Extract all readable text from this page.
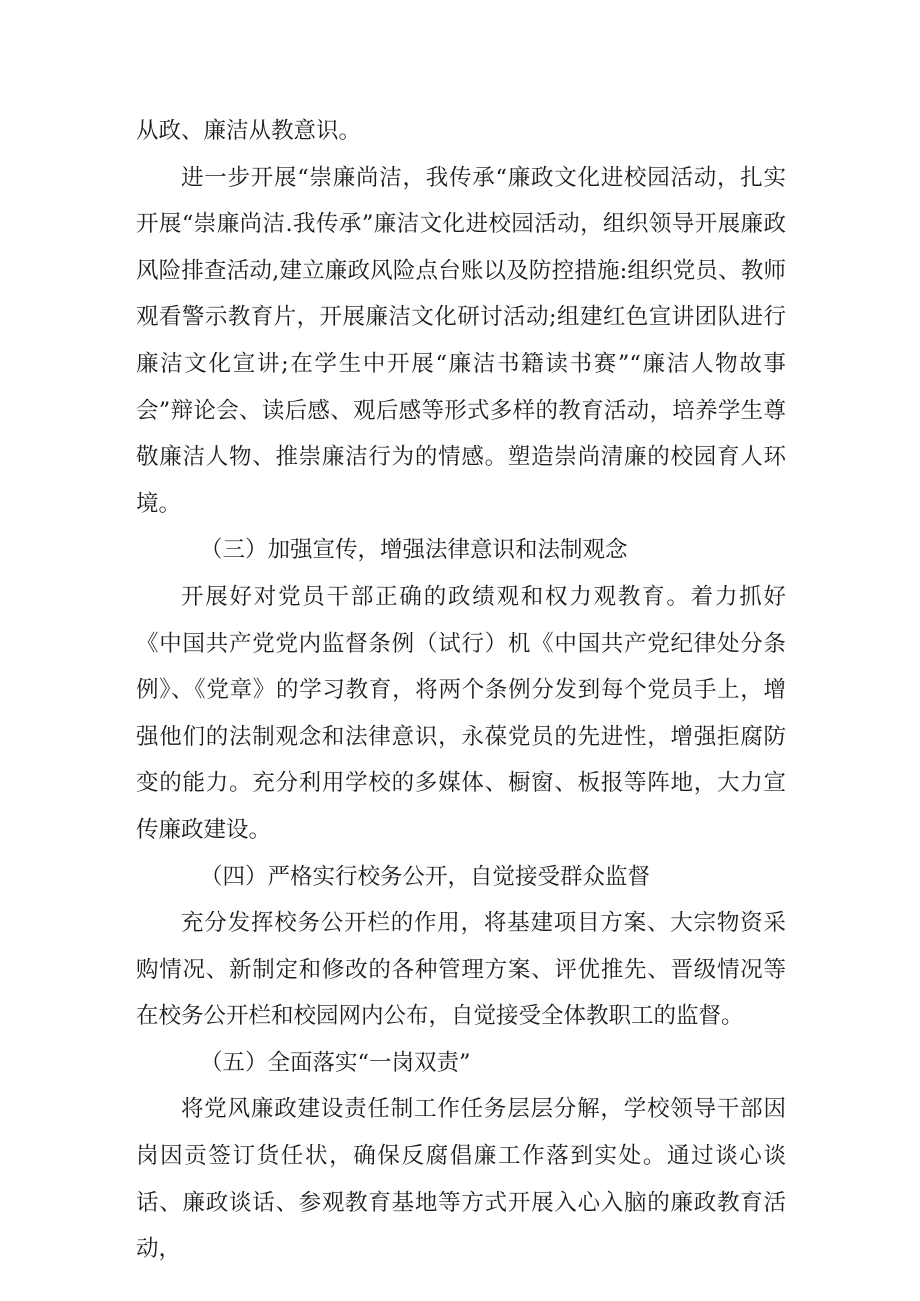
从政、廉洁从教意识。

进一步开展“崇廉尚洁，我传承“廉政文化进校园活动，扎实开展“崇廉尚洁.我传承”廉洁文化进校园活动，组织领导开展廉政风险排查活动,建立廉政风险点台账以及防控措施:组织党员、教师观看警示教育片，开展廉洁文化研讨活动;组建红色宣讲团队进行廉洁文化宣讲;在学生中开展“廉洁书籍读书赛”“廉洁人物故事会”辩论会、读后感、观后感等形式多样的教育活动，培养学生尊敬廉洁人物、推崇廉洁行为的情感。塑造崇尚清廉的校园育人环境。

（三）加强宣传，增强法律意识和法制观念

开展好对党员干部正确的政绩观和权力观教育。着力抓好《中国共产党党内监督条例（试行）机《中国共产党纪律处分条例》、《党章》的学习教育，将两个条例分发到每个党员手上，增强他们的法制观念和法律意识，永葆党员的先进性，增强拒腐防变的能力。充分利用学校的多媒体、橱窗、板报等阵地，大力宣传廉政建设。

（四）严格实行校务公开，自觉接受群众监督

充分发挥校务公开栏的作用，将基建项目方案、大宗物资采购情况、新制定和修改的各种管理方案、评优推先、晋级情况等在校务公开栏和校园网内公布，自觉接受全体教职工的监督。

（五）全面落实“一岗双责”

将党风廉政建设责任制工作任务层层分解，学校领导干部因岗因贡签订货任状，确保反腐倡廉工作落到实处。通过谈心谈话、廉政谈话、参观教育基地等方式开展入心入脑的廉政教育活动，
